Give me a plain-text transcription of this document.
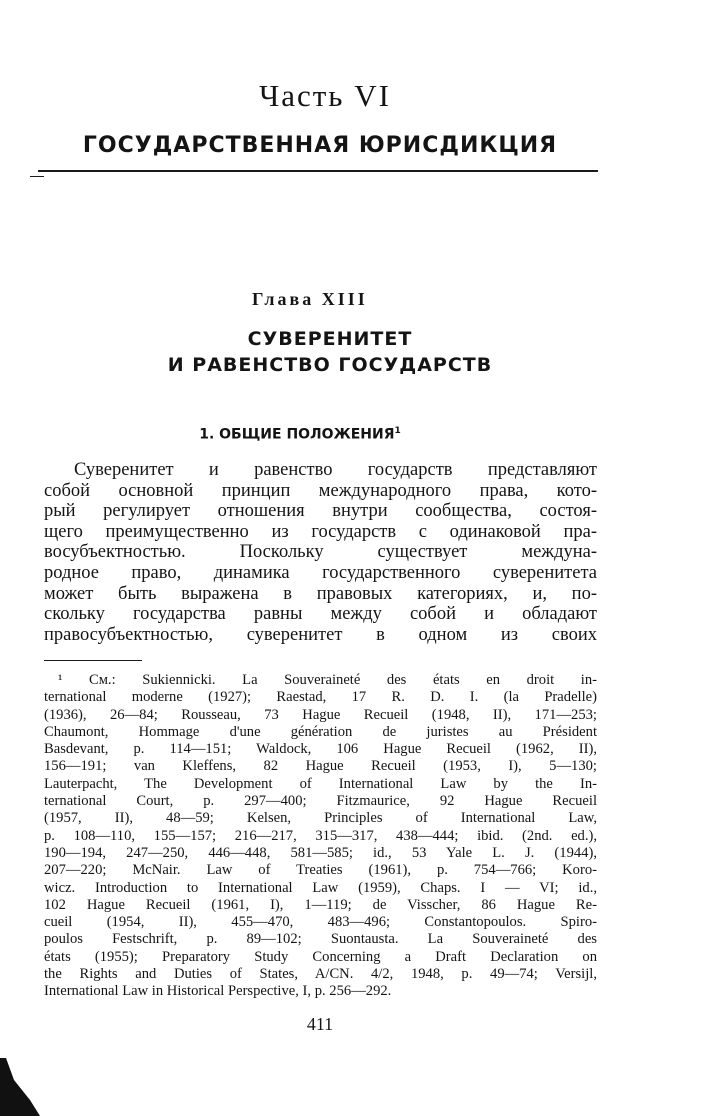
Часть VI
ГОСУДАРСТВЕННАЯ ЮРИСДИКЦИЯ
Глава XIII
СУВЕРЕНИТЕТ
И РАВЕНСТВО ГОСУДАРСТВ
1. ОБЩИЕ ПОЛОЖЕНИЯ$^1$
Суверенитет и равенство государств представляют
собой основной принцип международного права, кото-
рый регулирует отношения внутри сообщества, состоя-
щего преимущественно из государств с одинаковой пра-
восубъектностью. Поскольку существует междуна-
родное право, динамика государственного суверенитета
может быть выражена в правовых категориях, и, по-
скольку государства равны между собой и обладают
правосубъектностью, суверенитет в одном из своих
¹ См.: Sukiennicki. La Souveraineté des états en droit in-
ternational moderne (1927); Raestad, 17 R. D. I. (la Pradelle)
(1936), 26—84; Rousseau, 73 Hague Recueil (1948, II), 171—253;
Chaumont, Hommage d'une génération de juristes au Président
Basdevant, p. 114—151; Waldock, 106 Hague Recueil (1962, II),
156—191; van Kleffens, 82 Hague Recueil (1953, I), 5—130;
Lauterpacht, The Development of International Law by the In-
ternational Court, p. 297—400; Fitzmaurice, 92 Hague Recueil
(1957, II), 48—59; Kelsen, Principles of International Law,
p. 108—110, 155—157; 216—217, 315—317, 438—444; ibid. (2nd. ed.),
190—194, 247—250, 446—448, 581—585; id., 53 Yale L. J. (1944),
207—220; McNair. Law of Treaties (1961), p. 754—766; Koro-
wicz. Introduction to International Law (1959), Chaps. I — VI; id.,
102 Hague Recueil (1961, I), 1—119; de Visscher, 86 Hague Re-
cueil (1954, II), 455—470, 483—496; Constantopoulos. Spiro-
poulos Festschrift, p. 89—102; Suontausta. La Souveraineté des
états (1955); Preparatory Study Concerning a Draft Declaration on
the Rights and Duties of States, A/CN. 4/2, 1948, p. 49—74; Versijl,
International Law in Historical Perspective, I, p. 256—292.
411
